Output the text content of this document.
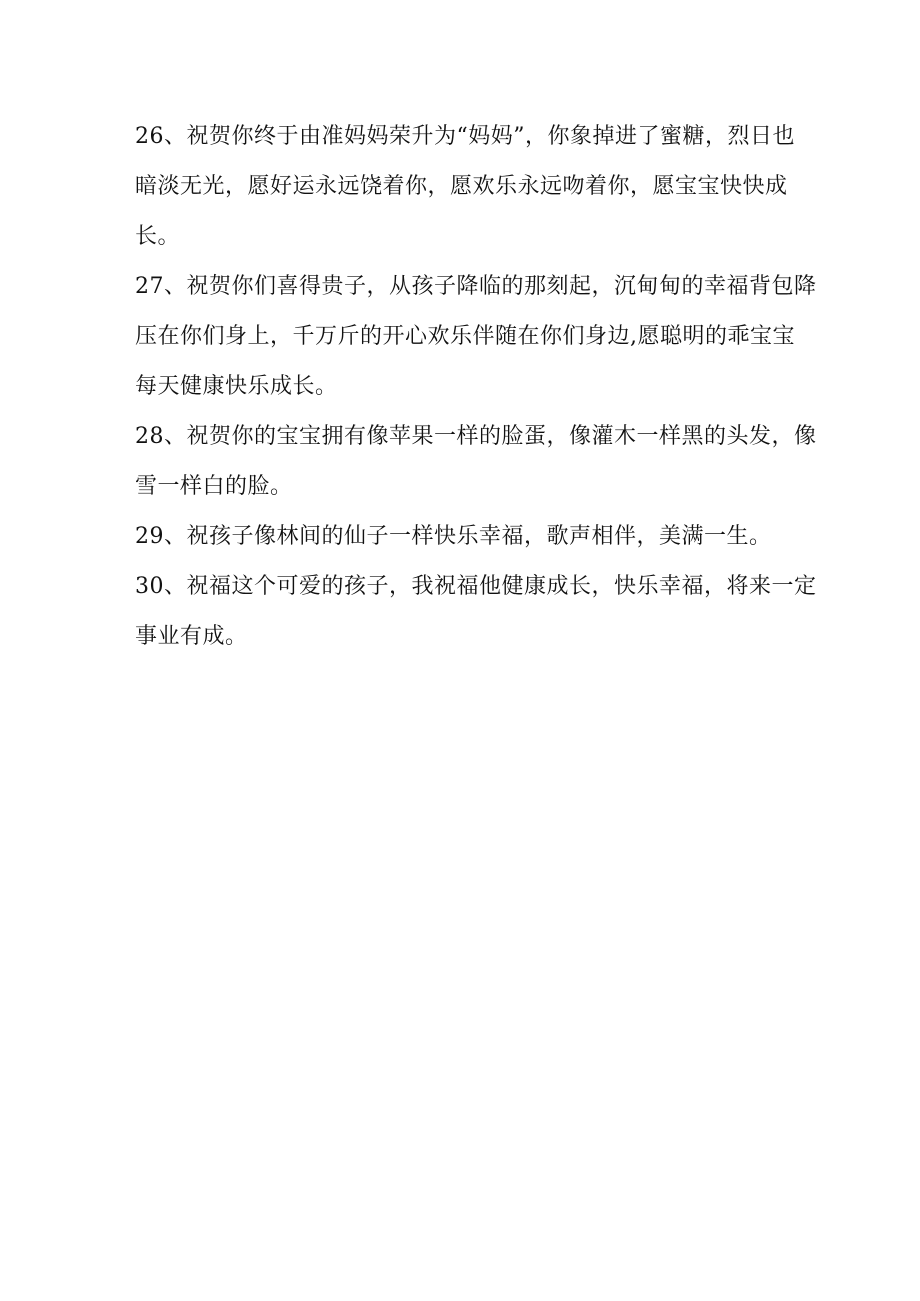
26、祝贺你终于由准妈妈荣升为“妈妈”，你象掉进了蜜糖，烈日也
暗淡无光，愿好运永远饶着你，愿欢乐永远吻着你，愿宝宝快快成
长。
27、祝贺你们喜得贵子，从孩子降临的那刻起，沉甸甸的幸福背包降
压在你们身上，千万斤的开心欢乐伴随在你们身边,愿聪明的乖宝宝
每天健康快乐成长。
28、祝贺你的宝宝拥有像苹果一样的脸蛋，像灌木一样黑的头发，像
雪一样白的脸。
29、祝孩子像林间的仙子一样快乐幸福，歌声相伴，美满一生。
30、祝福这个可爱的孩子，我祝福他健康成长，快乐幸福，将来一定
事业有成。
